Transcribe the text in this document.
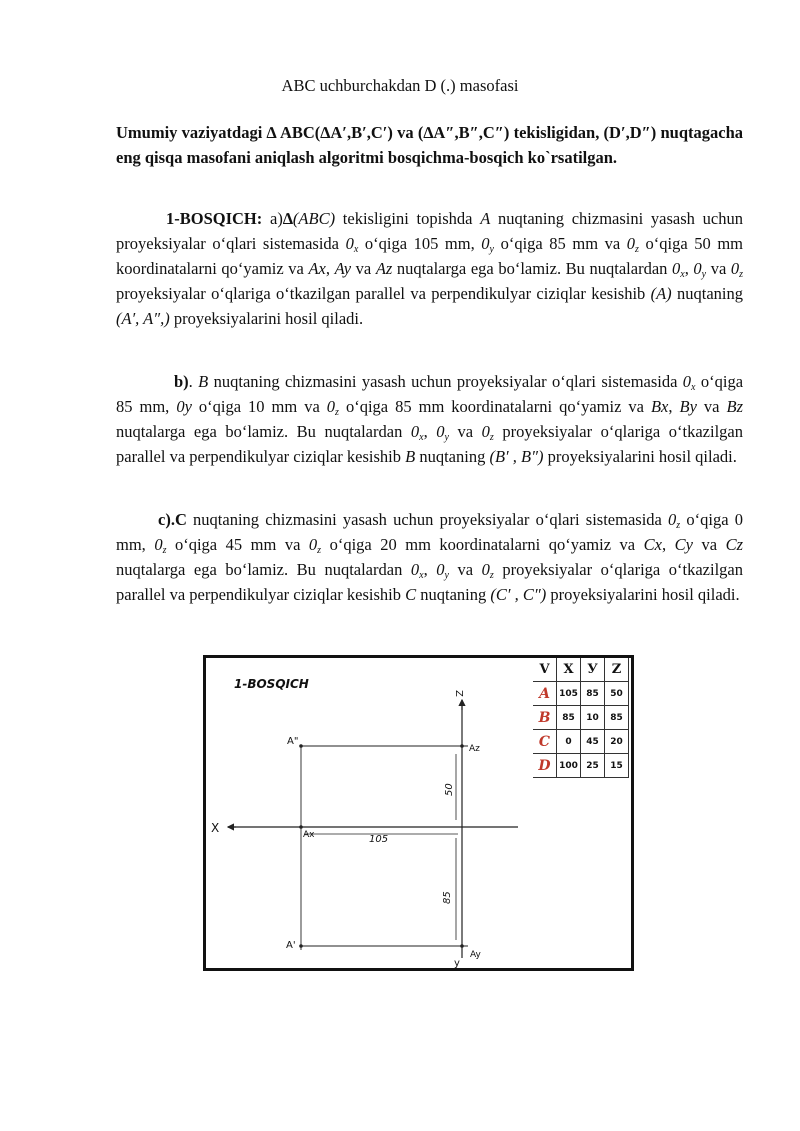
ABC uchburchakdan D (.) masofasi
Umumiy vaziyatdagi ∆ ABC(∆A′,B′,C′) va (∆A″,B″,C″) tekisligidan, (D′,D″) nuqtagacha eng qisqa masofani aniqlash algoritmi bosqichma-bosqich ko`rsatilgan.
1-BOSQICH: a)∆(ABC) tekisligini topishda A nuqtaning chizmasini yasash uchun proyeksiyalar o‘qlari sistemasida $0_x$ o‘qiga 105 mm, $0_y$ o‘qiga 85 mm va $0_z$ o‘qiga 50 mm koordinatalarni qo‘yamiz va Ax, Ay va Az nuqtalarga ega bo‘lamiz. Bu nuqtalardan $0_x$, $0_y$ va $0_z$ proyeksiyalar o‘qlariga o‘tkazilgan parallel va perpendikulyar ciziqlar kesishib (A) nuqtaning (A′, A″,) proyeksiyalarini hosil qiladi.
b). B nuqtaning chizmasini yasash uchun proyeksiyalar o‘qlari sistemasida $0_x$ o‘qiga 85 mm, 0y o‘qiga 10 mm va $0_z$ o‘qiga 85 mm koordinatalarni qo‘yamiz va Bx, By va Bz nuqtalarga ega bo‘lamiz. Bu nuqtalardan $0_x$, $0_y$ va $0_z$ proyeksiyalar o‘qlariga o‘tkazilgan parallel va perpendikulyar ciziqlar kesishib B nuqtaning (B′ , B″) proyeksiyalarini hosil qiladi.
c).C nuqtaning chizmasini yasash uchun proyeksiyalar o‘qlari sistemasida $0_z$ o‘qiga 0 mm, $0_z$ o‘qiga 45 mm va $0_z$ o‘qiga 20 mm koordinatalarni qo‘yamiz va Cx, Cy va Cz nuqtalarga ega bo‘lamiz. Bu nuqtalardan $0_x$, $0_y$ va $0_z$ proyeksiyalar o‘qlariga o‘tkazilgan parallel va perpendikulyar ciziqlar kesishib C nuqtaning (C′ , C″) proyeksiyalarini hosil qiladi.
1-BOSQICH
X
Z
y
A"
A'
Az
Ax
Ay
105
50
85
V	X	У	Z
A	105	85	50
B	85	10	85
C	0	45	20
D	100	25	15
